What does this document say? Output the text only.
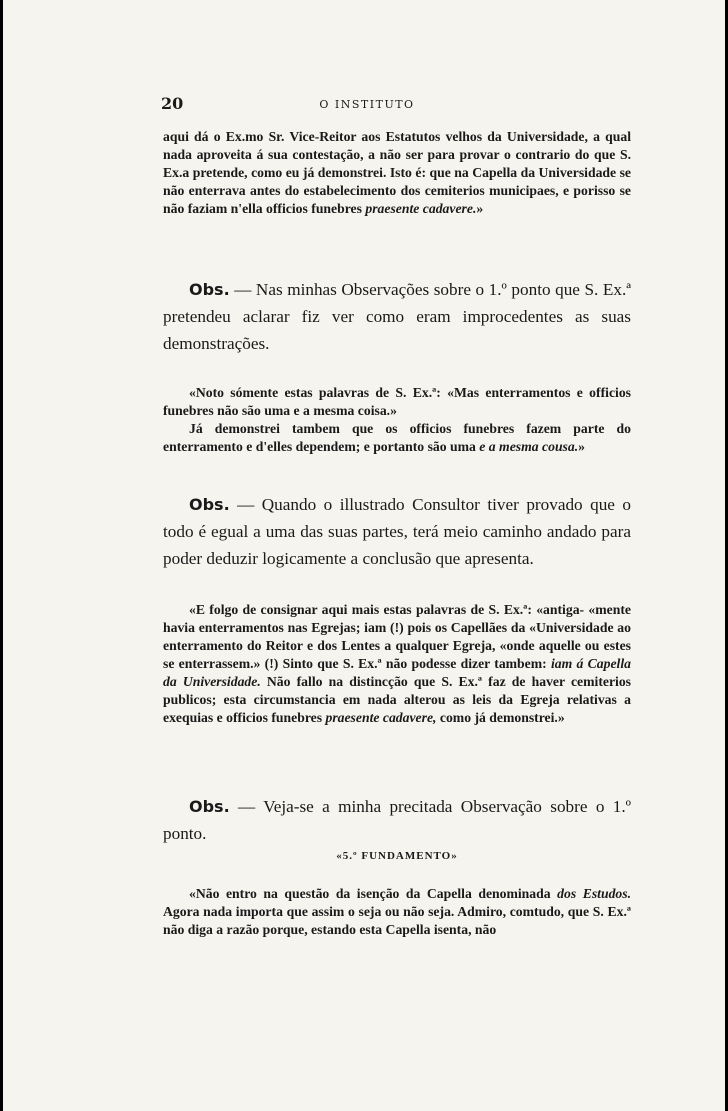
20	O INSTITUTO

aqui dá o Ex.mo Sr. Vice-Reitor aos Estatutos velhos da Universidade, a qual nada aproveita á sua contestação, a não ser para provar o contrario do que S. Ex.a pretende, como eu já demonstrei. Isto é: que na Capella da Universidade se não enterrava antes do estabelecimento dos cemiterios municipaes, e porisso se não faziam n'ella officios funebres praesente cadavere.»

Obs. — Nas minhas Observações sobre o 1.º ponto que S. Ex.ª pretendeu aclarar fiz ver como eram improcedentes as suas demonstrações.

«Noto sómente estas palavras de S. Ex.ª: «Mas enterramentos e officios funebres não são uma e a mesma coisa.»

Já demonstrei tambem que os officios funebres fazem parte do enterramento e d'elles dependem; e portanto são uma e a mesma cousa.»

Obs. — Quando o illustrado Consultor tiver provado que o todo é egual a uma das suas partes, terá meio caminho andado para poder deduzir logicamente a conclusão que apresenta.

«E folgo de consignar aqui mais estas palavras de S. Ex.ª: «antiga- «mente havia enterramentos nas Egrejas; iam (!) pois os Capellães da «Universidade ao enterramento do Reitor e dos Lentes a qualquer Egreja, «onde aquelle ou estes se enterrassem.» (!) Sinto que S. Ex.ª não podesse dizer tambem: iam á Capella da Universidade. Não fallo na distincção que S. Ex.ª faz de haver cemiterios publicos; esta circumstancia em nada alterou as leis da Egreja relativas a exequias e officios funebres praesente cadavere, como já demonstrei.»

Obs. — Veja-se a minha precitada Observação sobre o 1.º ponto.

«5.º FUNDAMENTO»

«Não entro na questão da isenção da Capella denominada dos Estudos. Agora nada importa que assim o seja ou não seja. Admiro, comtudo, que S. Ex.ª não diga a razão porque, estando esta Capella isenta, não
